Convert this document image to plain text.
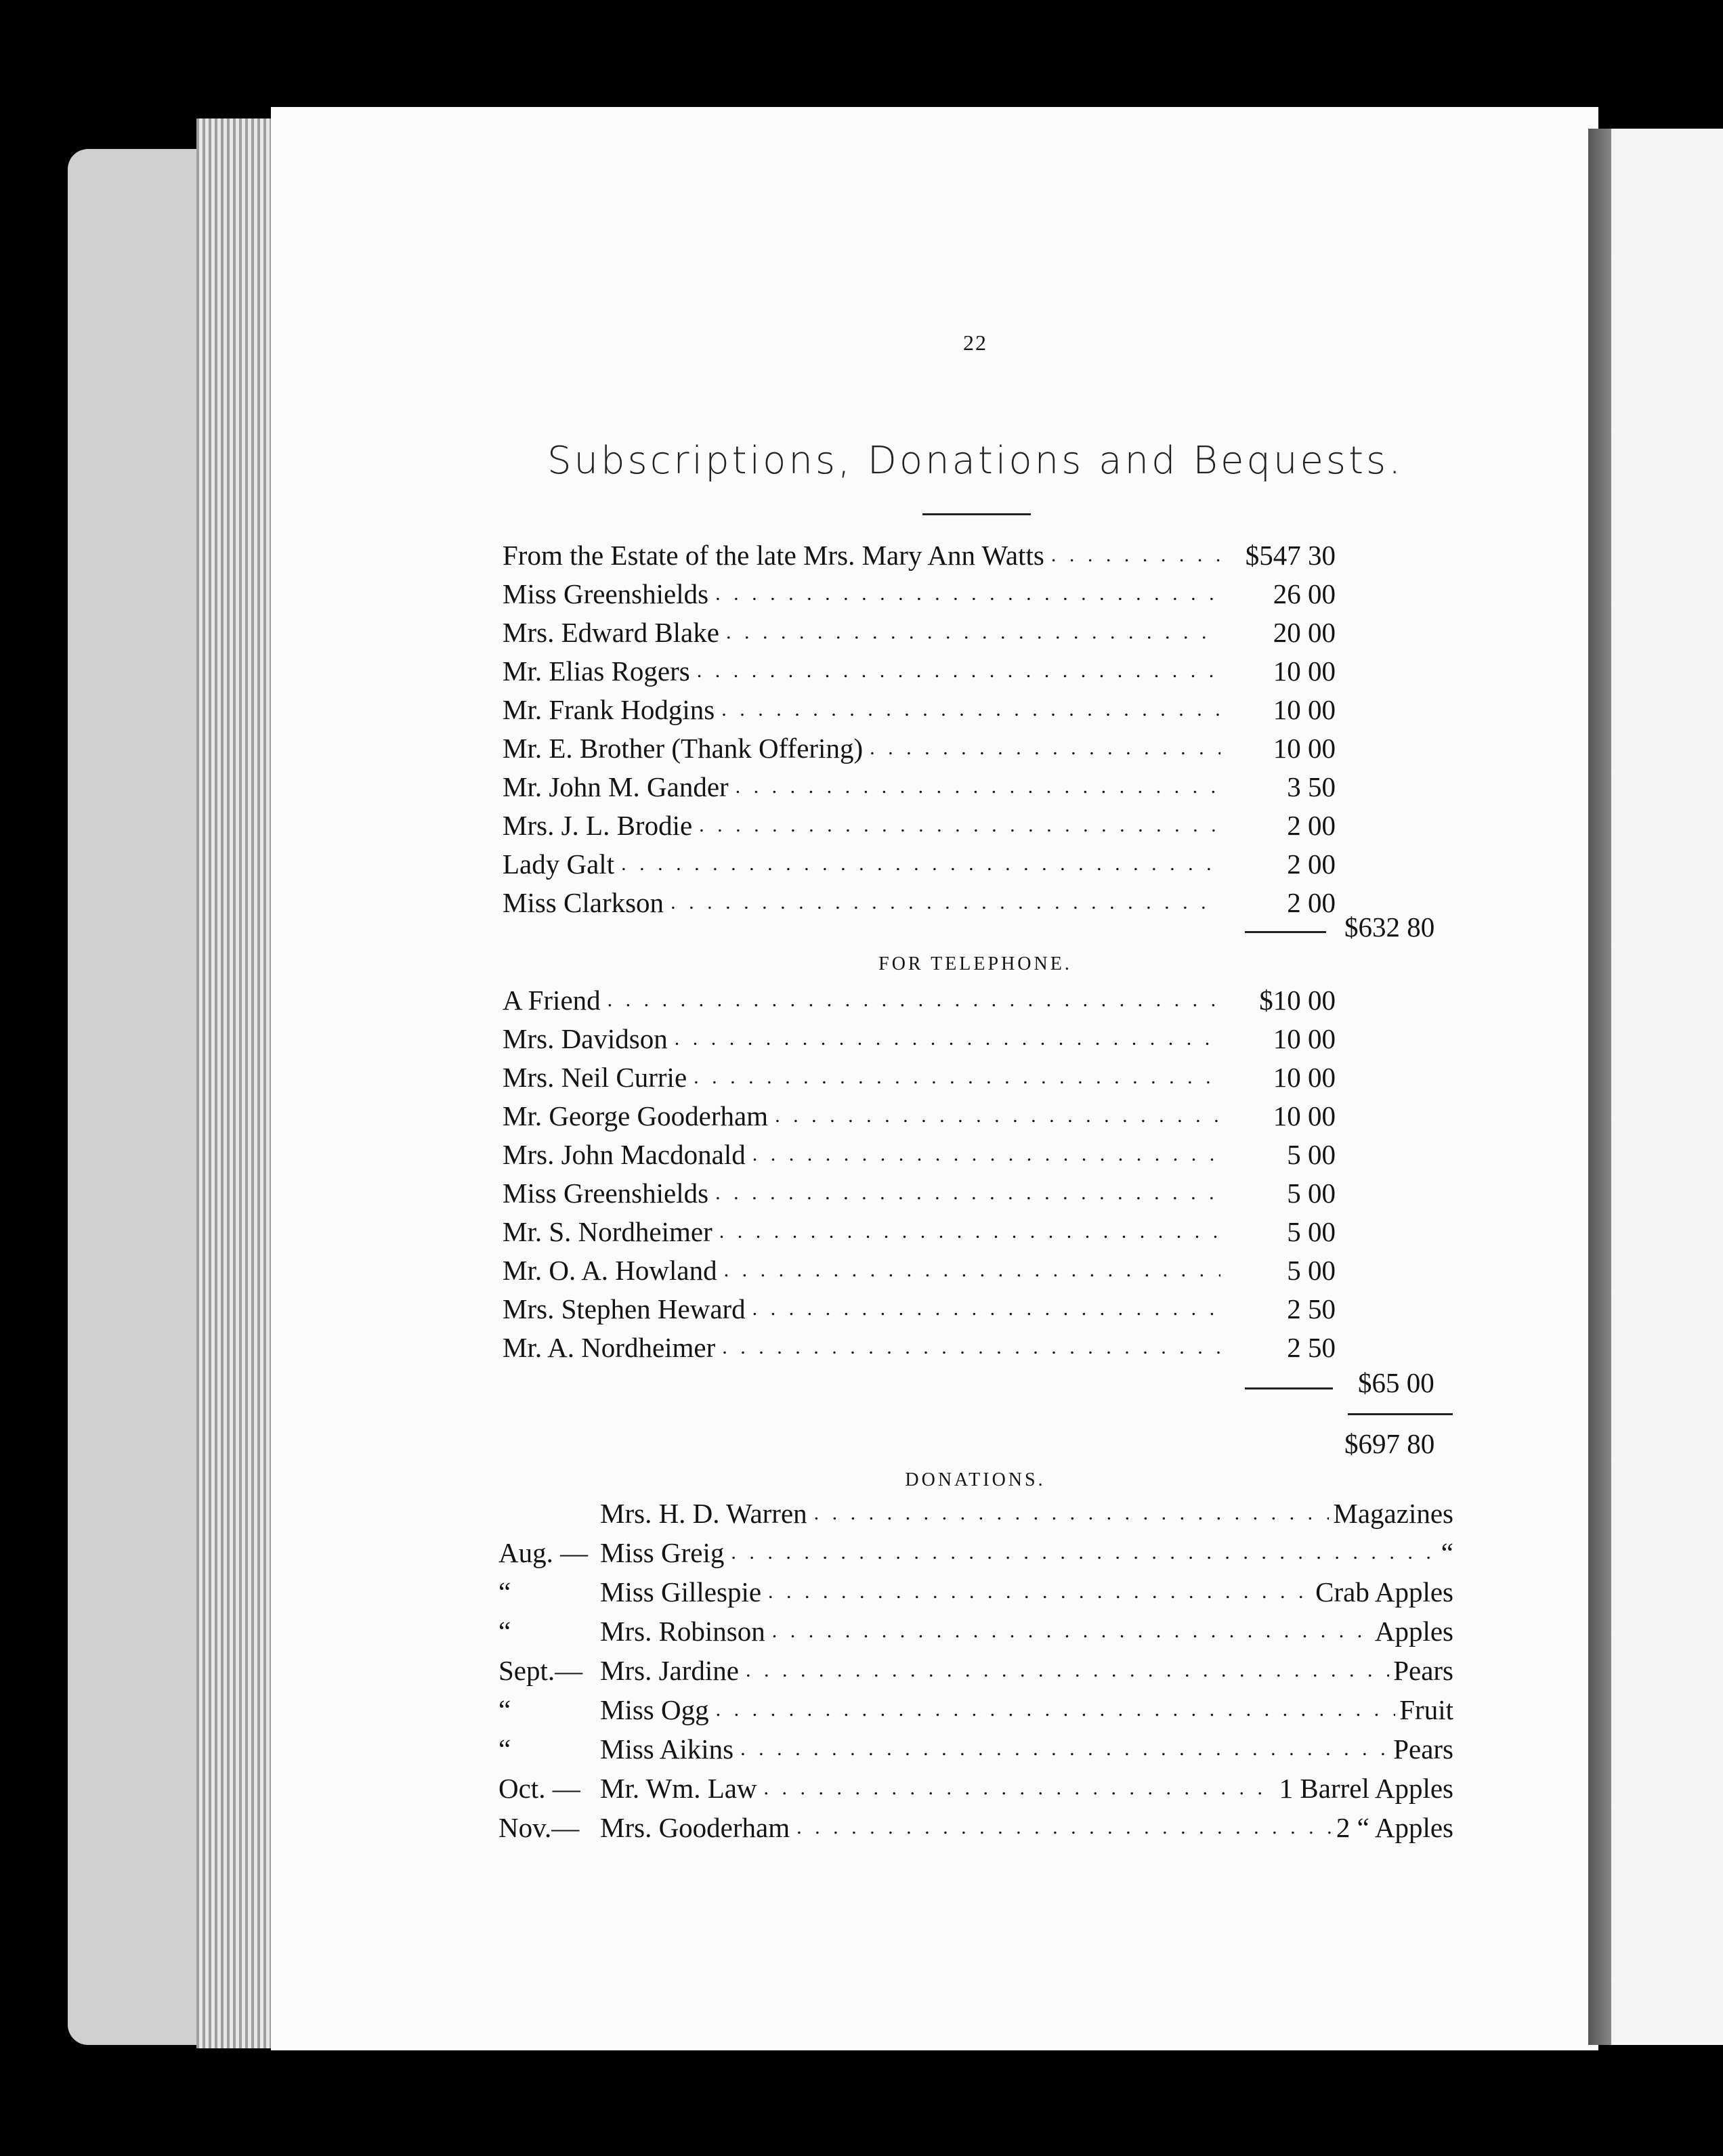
22
Subscriptions, Donations and Bequests.
From the Estate of the late Mrs. Mary Ann Watts . . .	$547 30
Miss Greenshields . . .	26 00
Mrs. Edward Blake . . .	20 00
Mr. Elias Rogers . . .	10 00
Mr. Frank Hodgins . . .	10 00
Mr. E. Brother (Thank Offering) . . .	10 00
Mr. John M. Gander . . .	3 50
Mrs. J. L. Brodie . . .	2 00
Lady Galt . . .	2 00
Miss Clarkson . . .	2 00
$632 80
FOR TELEPHONE.
A Friend . . .	$10 00
Mrs. Davidson . . .	10 00
Mrs. Neil Currie . . .	10 00
Mr. George Gooderham . . .	10 00
Mrs. John Macdonald . . .	5 00
Miss Greenshields . . .	5 00
Mr. S. Nordheimer . . .	5 00
Mr. O. A. Howland . . .	5 00
Mrs. Stephen Heward . . .	2 50
Mr. A. Nordheimer . . .	2 50
$65 00
$697 80
DONATIONS.
Mrs. H. D. Warren . . .	Magazines
Aug. — Miss Greig . . .	“
“	Miss Gillespie . . .	Crab Apples
“	Mrs. Robinson . . .	Apples
Sept.— Mrs. Jardine . . .	Pears
“	Miss Ogg . . .	Fruit
“	Miss Aikins . . .	Pears
Oct. — Mr. Wm. Law . . .	1 Barrel Apples
Nov.— Mrs. Gooderham . . .	2 “ Apples
